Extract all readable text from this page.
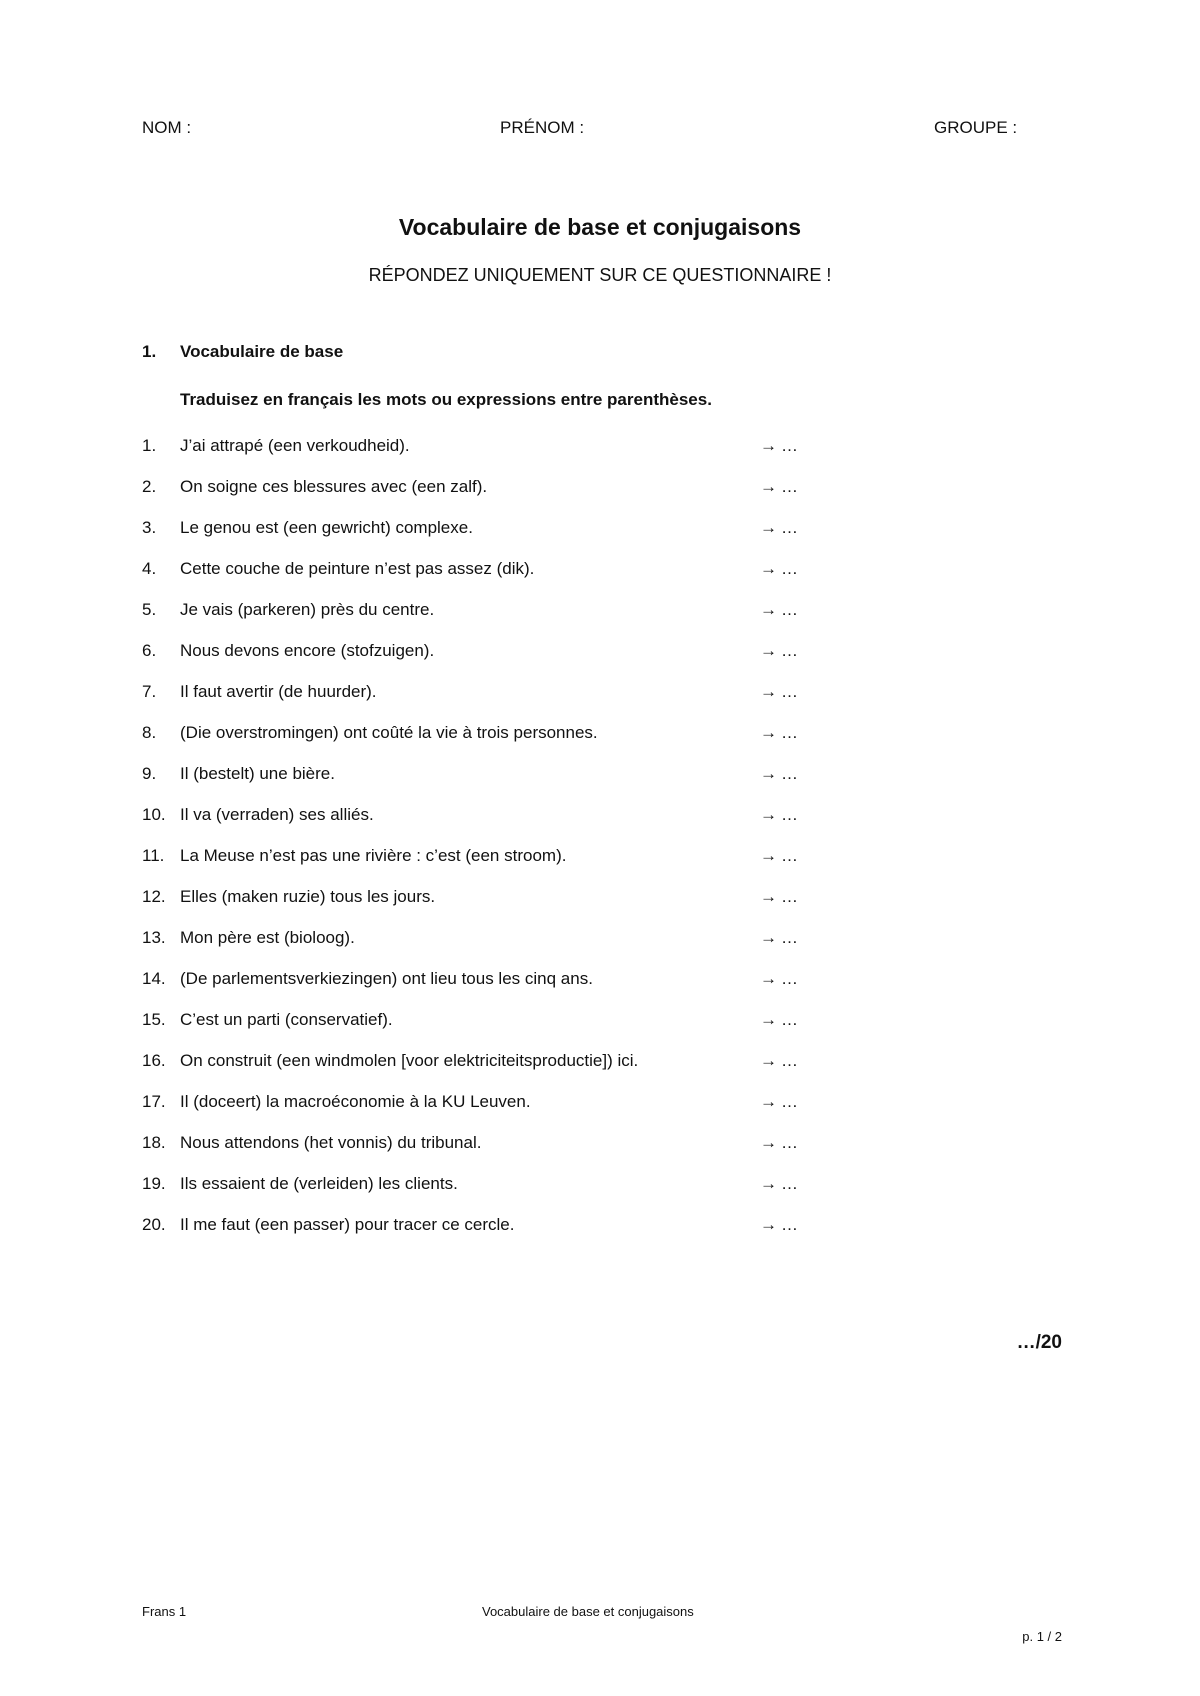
NOM :	PRÉNOM :	GROUPE :
Vocabulaire de base et conjugaisons
RÉPONDEZ UNIQUEMENT SUR CE QUESTIONNAIRE !
1. Vocabulaire de base
Traduisez en français les mots ou expressions entre parenthèses.
1. J’ai attrapé (een verkoudheid).	→ …
2. On soigne ces blessures avec (een zalf).	→ …
3. Le genou est (een gewricht) complexe.	→ …
4. Cette couche de peinture n’est pas assez (dik).	→ …
5. Je vais (parkeren) près du centre.	→ …
6. Nous devons encore (stofzuigen).	→ …
7. Il faut avertir (de huurder).	→ …
8. (Die overstromingen) ont coûté la vie à trois personnes.	→ …
9. Il (bestelt) une bière.	→ …
10. Il va (verraden) ses alliés.	→ …
11. La Meuse n’est pas une rivière : c’est (een stroom).	→ …
12. Elles (maken ruzie) tous les jours.	→ …
13. Mon père est (bioloog).	→ …
14. (De parlementsverkiezingen) ont lieu tous les cinq ans.	→ …
15. C’est un parti (conservatief).	→ …
16. On construit (een windmolen [voor elektriciteitsproductie]) ici.	→ …
17. Il (doceert) la macroéconomie à la KU Leuven.	→ …
18. Nous attendons (het vonnis) du tribunal.	→ …
19. Ils essaient de (verleiden) les clients.	→ …
20. Il me faut (een passer) pour tracer ce cercle.	→ …
…/20
Frans 1	Vocabulaire de base et conjugaisons
p. 1 / 2
